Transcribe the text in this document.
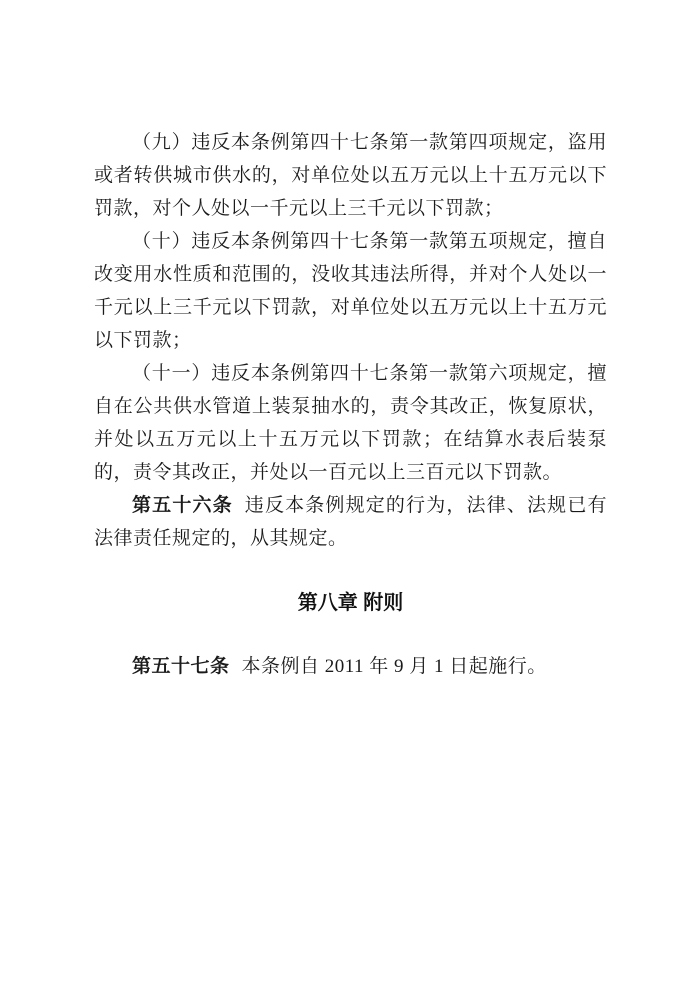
（九）违反本条例第四十七条第一款第四项规定，盗用或者转供城市供水的，对单位处以五万元以上十五万元以下罚款，对个人处以一千元以上三千元以下罚款；

（十）违反本条例第四十七条第一款第五项规定，擅自改变用水性质和范围的，没收其违法所得，并对个人处以一千元以上三千元以下罚款，对单位处以五万元以上十五万元以下罚款；

（十一）违反本条例第四十七条第一款第六项规定，擅自在公共供水管道上装泵抽水的，责令其改正，恢复原状，并处以五万元以上十五万元以下罚款；在结算水表后装泵的，责令其改正，并处以一百元以上三百元以下罚款。

第五十六条 违反本条例规定的行为，法律、法规已有法律责任规定的，从其规定。

第八章 附则

第五十七条 本条例自 2011 年 9 月 1 日起施行。
